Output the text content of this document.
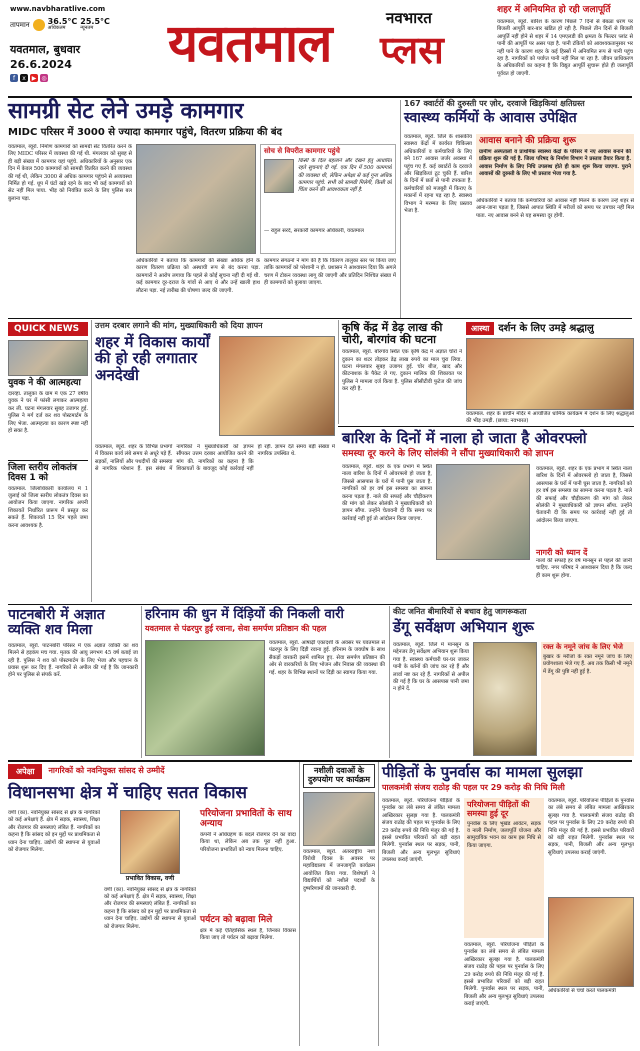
www.navbharatlive.com
तापमान 36.5°C
अधिकतम
25.5°C
न्यूनतम
यवतमाल, बुधवार
26.6.2024
f	x ▶ ◎
यवतमाल	नवभारत
प्लस
शहर में अनियमित हो रही जलापूर्ति
यवतमाल, ब्यूरो. बारिश के कारण पिछले 7 दिनों से बेंबळा धरण पर बिजली आपूर्ति बार-बार खंडित हो रही है. पिछले तीन दिनों से बिजली आपूर्ति नहीं होने से शहर में 14 एमएलडी की क्षमता के फिल्टर प्लांट से पानी की आपूर्ति पर असर पड़ा है. पानी टंकियों को आवश्यकतानुसार भर नहीं पाने के कारण शहर के कई हिस्सों में अनियमित रूप से पानी पहुंच रहा है. नागरिकों को पर्याप्त पानी नहीं मिल पा रहा है. जीवन प्राधिकरण के अधिकारियों का कहना है कि विद्युत आपूर्ति सुचारू होते ही जलापूर्ति पूर्ववत हो जाएगी.
सामग्री सेट लेने उमड़े कामगार
MIDC परिसर में 3000 से ज्यादा कामगार पहुंचे, वितरण प्रक्रिया की बंद
यवतमाल, ब्यूरो. निर्माण कामगारों को सामग्री सेट वितरित करने के लिए MIDC परिसर में व्यवस्था की गई थी. मंगलवार को सुबह से ही बड़ी संख्या में कामगार यहां पहुंचे. अधिकारियों के अनुसार एक दिन में केवल 500 कामगारों को सामग्री वितरित करने की व्यवस्था की गई थी, लेकिन 3000 से अधिक कामगार पहुंचने से अव्यवस्था निर्मित हो गई. धूप में घंटों खड़े रहने के बाद भी कई कामगारों को सेट नहीं मिल पाया. भीड़ को नियंत्रित करने के लिए पुलिस बल बुलाना पड़ा.
सोच से विपरीत कामगार पहुंचे
किसी के दिल बहलाने और देखने हेतु आधारित रहते सूचनाएं दी गई. एक दिन में 500 कामगारों की व्यवस्था थी, लेकिन अपेक्षा से कई गुना अधिक कामगार पहुंचे. सभी को सामग्री मिलेगी, किसी को चिंता करने की आवश्यकता नहीं है.
— राहुल सरदे, सरकारी कामगार अधिकारी, यवतमाल
अधिकारियों ने बताया कि कामगारों की संख्या अधिक होने के कारण वितरण प्रक्रिया को अस्थायी रूप से बंद करना पड़ा. कामगारों ने आरोप लगाया कि पहले से कोई सूचना नहीं दी गई थी. कई कामगार दूर-दराज के गांवों से आए थे और उन्हें खाली हाथ लौटना पड़ा. नई तारीख की घोषणा जल्द की जाएगी.
कामगार संगठनों ने मांग की है कि वितरण तालुका स्तर पर किया जाए ताकि कामगारों को परेशानी न हो. प्रशासन ने आश्वासन दिया कि अगले चरण में टोकन व्यवस्था लागू की जाएगी और प्रतिदिन निश्चित संख्या में ही कामगारों को बुलाया जाएगा.
167 क्वार्टरों की दुरुस्ती पर ज़ोर, दरवाजे खिड़कियां क्षतिग्रस्त
स्वास्थ्य कर्मियों के आवास उपेक्षित
यवतमाल, ब्यूरो. जिले के शासकीय स्वास्थ्य केंद्रों में कार्यरत चिकित्सा अधिकारियों व कर्मचारियों के लिए बने 167 आवास जर्जर अवस्था में पहुंच गए हैं. कई क्वार्टरों के दरवाजे और खिड़कियां टूट चुकी हैं. बारिश के दिनों में छतों से पानी टपकता है. कर्मचारियों को मजबूरी में किराए के मकानों में रहना पड़ रहा है. स्वास्थ्य विभाग ने मरम्मत के लिए प्रस्ताव भेजा है.
आवास बनाने की प्रक्रिया शुरू
ग्रामीण अस्पतालों व प्राथमिक स्वास्थ्य केंद्रों के परिसर में नए आवास बनाने की प्रक्रिया शुरू की गई है. जिला परिषद के निर्माण विभाग ने प्रस्ताव तैयार किया है. आवास निर्माण के लिए निधि उपलब्ध होते ही काम शुरू किया जाएगा. पुराने आवासों की दुरुस्ती के लिए भी प्रस्ताव भेजा गया है.
अधिकारियों ने बताया कि कर्मचारियों को आवास नहीं मिलने के कारण उन्हें शहर से आना-जाना पड़ता है, जिससे आपात स्थिति में मरीजों को समय पर उपचार नहीं मिल पाता. नए आवास बनने से यह समस्या दूर होगी.
QUICK NEWS
युवक ने की आत्महत्या
दारव्हा. तालुका के ग्राम में एक 27 वर्षीय युवक ने घर में फांसी लगाकर आत्महत्या कर ली. घटना मंगलवार सुबह उजागर हुई. पुलिस ने मर्ग दर्ज कर शव पोस्टमार्टम के लिए भेजा. आत्महत्या का कारण स्पष्ट नहीं हो सका है.
जिला स्तरीय लोकतंत्र दिवस 1 को
यवतमाल. जिलाधिकारी कार्यालय में 1 जुलाई को जिला स्तरीय लोकतंत्र दिवस का आयोजन किया जाएगा. नागरिक अपनी शिकायतें निर्धारित प्रारूप में प्रस्तुत कर सकते हैं. शिकायतें 15 दिन पहले जमा करना आवश्यक है.
उत्तम दरबार लगाने की मांग, मुख्याधिकारी को दिया ज्ञापन
शहर में विकास कार्यों की हो रही लगातार अनदेखी
यवतमाल, ब्यूरो. शहर के विभिन्न प्रभागों में विकास कार्य लंबे समय से अधूरे पड़े हैं. सड़कों, नालियों और पथदीपों की समस्या से नागरिक परेशान हैं. इस संबंध में नागरिकों ने मुख्याधिकारी को ज्ञापन सौंपकर उत्तम दरबार आयोजित करने की मांग की. नागरिकों का कहना है कि शिकायतों के बावजूद कोई कार्रवाई नहीं हो रही. ज्ञापन देते समय बड़ी संख्या में नागरिक उपस्थित थे.
कृषि केंद्र में डेढ़ लाख की चोरी, बोरगांव की घटना
यवतमाल, ब्यूरो. बोरगांव स्थित एक कृषि केंद्र में अज्ञात चोरों ने दुकान का शटर तोड़कर डेढ़ लाख रुपये का माल चुरा लिया. घटना मंगलवार सुबह उजागर हुई. चोर बीज, खाद और कीटनाशक के पैकेट ले गए. दुकान मालिक की शिकायत पर पुलिस ने मामला दर्ज किया है. पुलिस सीसीटीवी फुटेज की जांच कर रही है.
आस्था दर्शन के लिए उमड़े श्रद्धालु
यवतमाल. शहर के प्राचीन मंदिर में आयोजित धार्मिक कार्यक्रम में दर्शन के लिए श्रद्धालुओं की भीड़ उमड़ी. (छाया: नवभारत)
बारिश के दिनों में नाला हो जाता है ओवरफ्लो
समस्या दूर करने के लिए सोलंकी ने सौंपा मुख्याधिकारी को ज्ञापन
यवतमाल, ब्यूरो. शहर के एक प्रभाग में स्थित नाला बारिश के दिनों में ओवरफ्लो हो जाता है, जिससे आसपास के घरों में पानी घुस जाता है. नागरिकों को हर वर्ष इस समस्या का सामना करना पड़ता है. नाले की सफाई और चौड़ीकरण की मांग को लेकर सोलंकी ने मुख्याधिकारी को ज्ञापन सौंपा. उन्होंने चेतावनी दी कि समय पर कार्रवाई नहीं हुई तो आंदोलन किया जाएगा.
यवतमाल, ब्यूरो. शहर के एक प्रभाग में स्थित नाला बारिश के दिनों में ओवरफ्लो हो जाता है, जिससे आसपास के घरों में पानी घुस जाता है. नागरिकों को हर वर्ष इस समस्या का सामना करना पड़ता है. नाले की सफाई और चौड़ीकरण की मांग को लेकर सोलंकी ने मुख्याधिकारी को ज्ञापन सौंपा. उन्होंने चेतावनी दी कि समय पर कार्रवाई नहीं हुई तो आंदोलन किया जाएगा.
नागरी को ध्यान दें
नालों की सफाई हर वर्ष मानसून से पहले की जानी चाहिए. नगर परिषद ने आश्वासन दिया है कि जल्द ही काम शुरू होगा.
पाटनबोरी में अज्ञात व्यक्ति शव मिला
यवतमाल, ब्यूरो. पाटनबोरी परिसर में एक अज्ञात व्यक्ति का शव मिलने से हड़कंप मच गया. मृतक की आयु लगभग 45 वर्ष बताई जा रही है. पुलिस ने शव को पोस्टमार्टम के लिए भेजा और पहचान के प्रयास शुरू कर दिए हैं. नागरिकों से अपील की गई है कि जानकारी होने पर पुलिस से संपर्क करें.
हरिनाम की धुन में दिंड़ियों की निकली वारी
यवतमाल से पंढरपुर हुई रवाना, सेवा समर्पण प्रतिष्ठान की पहल
यवतमाल, ब्यूरो. आषाढ़ी एकादशी के अवसर पर यवतमाल से पंढरपुर के लिए दिंड़ी रवाना हुई. हरिनाम के जयघोष के साथ सैकड़ों वारकरी इसमें शामिल हुए. सेवा समर्पण प्रतिष्ठान की ओर से वारकरियों के लिए भोजन और निवास की व्यवस्था की गई. शहर के विभिन्न स्थानों पर दिंड़ी का स्वागत किया गया.
कीट जनित बीमारियों से बचाव हेतु जागरूकता
डेंगू सर्वेक्षण अभियान शुरू
यवतमाल, ब्यूरो. जिले में मानसून के मद्देनजर डेंगू सर्वेक्षण अभियान शुरू किया गया है. स्वास्थ्य कर्मचारी घर-घर जाकर पानी के बर्तनों की जांच कर रहे हैं और लार्वा नष्ट कर रहे हैं. नागरिकों से अपील की गई है कि घर के आसपास पानी जमा न होने दें.
रक्त के नमूने जांच के लिए भेजे
बुखार के मरीजों के रक्त नमूने जांच के लिए प्रयोगशाला भेजे गए हैं. अब तक किसी भी नमूने में डेंगू की पुष्टि नहीं हुई है.
अपेक्षा	नागरिकों को नवनियुक्त सांसद से उम्मीदें
विधानसभा क्षेत्र में चाहिए सतत विकास
वणी (का). नवनियुक्त सांसद से क्षेत्र के नागरिकों को कई अपेक्षाएं हैं. क्षेत्र में सड़क, स्वास्थ्य, शिक्षा और रोजगार की समस्याएं लंबित हैं. नागरिकों का कहना है कि सांसद को इन मुद्दों पर प्राथमिकता से ध्यान देना चाहिए. उद्योगों की स्थापना से युवाओं को रोजगार मिलेगा.
प्रभावित विकास, वणी
वणी (का). नवनियुक्त सांसद से क्षेत्र के नागरिकों को कई अपेक्षाएं हैं. क्षेत्र में सड़क, स्वास्थ्य, शिक्षा और रोजगार की समस्याएं लंबित हैं. नागरिकों का कहना है कि सांसद को इन मुद्दों पर प्राथमिकता से ध्यान देना चाहिए. उद्योगों की स्थापना से युवाओं को रोजगार मिलेगा.
परियोजना प्रभावितों के साथ अन्याय
कंपनी ने अधिग्रहण के बदले रोजगार देने का वादा किया था, लेकिन अब तक पूरा नहीं हुआ. परियोजना प्रभावितों को न्याय मिलना चाहिए.
पर्यटन को बढ़ावा मिले
क्षेत्र में कई ऐतिहासिक स्थल हैं, जिनका विकास किया जाए तो पर्यटन को बढ़ावा मिलेगा.
नशीली दवाओं के दुरुपयोग पर कार्यक्रम
यवतमाल, ब्यूरो. अंतरराष्ट्रीय नशा विरोधी दिवस के अवसर पर महाविद्यालय में जनजागृति कार्यक्रम आयोजित किया गया. विशेषज्ञों ने विद्यार्थियों को नशीले पदार्थों के दुष्परिणामों की जानकारी दी.
पीड़ितों के पुनर्वास का मामला सुलझा
पालकमंत्री संजय राठोड़ की पहल पर 29 करोड़ की निधि मिली
यवतमाल, ब्यूरो. परियोजना पीड़ितों के पुनर्वास का लंबे समय से लंबित मामला आखिरकार सुलझ गया है. पालकमंत्री संजय राठोड़ की पहल पर पुनर्वास के लिए 29 करोड़ रुपये की निधि मंजूर की गई है. इससे प्रभावित परिवारों को बड़ी राहत मिलेगी. पुनर्वास स्थल पर सड़क, पानी, बिजली और अन्य मूलभूत सुविधाएं उपलब्ध कराई जाएंगी.
परियोजना पीड़ितों की समस्या हुई दूर
पुनर्वास के लिए भूखंड आवंटन, सड़क व नाली निर्माण, जलापूर्ति योजना और सामुदायिक भवन का काम इस निधि से किया जाएगा.
यवतमाल, ब्यूरो. परियोजना पीड़ितों के पुनर्वास का लंबे समय से लंबित मामला आखिरकार सुलझ गया है. पालकमंत्री संजय राठोड़ की पहल पर पुनर्वास के लिए 29 करोड़ रुपये की निधि मंजूर की गई है. इससे प्रभावित परिवारों को बड़ी राहत मिलेगी. पुनर्वास स्थल पर सड़क, पानी, बिजली और अन्य मूलभूत सुविधाएं उपलब्ध कराई जाएंगी.
यवतमाल, ब्यूरो. परियोजना पीड़ितों के पुनर्वास का लंबे समय से लंबित मामला आखिरकार सुलझ गया है. पालकमंत्री संजय राठोड़ की पहल पर पुनर्वास के लिए 29 करोड़ रुपये की निधि मंजूर की गई है. इससे प्रभावित परिवारों को बड़ी राहत मिलेगी. पुनर्वास स्थल पर सड़क, पानी, बिजली और अन्य मूलभूत सुविधाएं उपलब्ध कराई जाएंगी.
अधिकारियों से चर्चा करते पालकमंत्री
